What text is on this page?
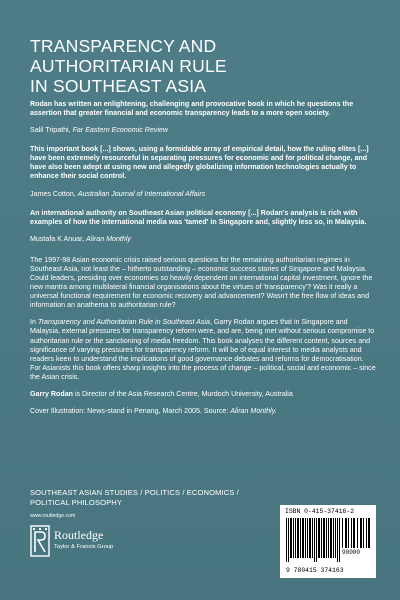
TRANSPARENCY AND
AUTHORITARIAN RULE
IN SOUTHEAST ASIA

Rodan has written an enlightening, challenging and provocative book in which he questions the assertion that greater financial and economic transparency leads to a more open society.

Salil Tripathi, Far Eastern Economic Review

This important book [...] shows, using a formidable array of empirical detail, how the ruling elites [...] have been extremely resourceful in separating pressures for economic and for political change, and have also been adept at using new and allegedly globalizing information technologies actually to enhance their social control.

James Cotton, Australian Journal of International Affairs

An international authority on Southeast Asian political economy [...] Rodan's analysis is rich with examples of how the international media was 'tamed' in Singapore and, slightly less so, in Malaysia.

Mustafa K Anuar, Aliran Monthly

The 1997-98 Asian economic crisis raised serious questions for the remaining authoritarian regimes in Southeast Asia, not least the – hitherto outstanding – economic success stories of Singapore and Malaysia. Could leaders, presiding over economies so heavily dependent on international capital investment, ignore the new mantra among multilateral financial organisations about the virtues of 'transparency'? Was it really a universal functional requirement for economic recovery and advancement? Wasn't the free flow of ideas and information an anathema to authoritarian rule?

In Transparency and Authoritarian Rule in Southeast Asia, Garry Rodan argues that in Singapore and Malaysia, external pressures for transparency reform were, and are, being met without serious compromise to authoritarian rule or the sanctioning of media freedom. This book analyses the different content, sources and significance of varying pressures for transparency reform. It will be of equal interest to media analysts and readers keen to understand the implications of good governance debates and reforms for democratisation. For Asianists this book offers sharp insights into the process of change – political, social and economic – since the Asian crisis.

Garry Rodan is Director of the Asia Research Centre, Murdoch University, Australia

Cover Illustration: News-stand in Penang, March 2005. Source: Aliran Monthly.

SOUTHEAST ASIAN STUDIES / POLITICS / ECONOMICS / POLITICAL PHILOSOPHY
www.routledge.com
Routledge
Taylor & Francis Group
ISBN 0-415-37416-2
90000
9 780415 374163
